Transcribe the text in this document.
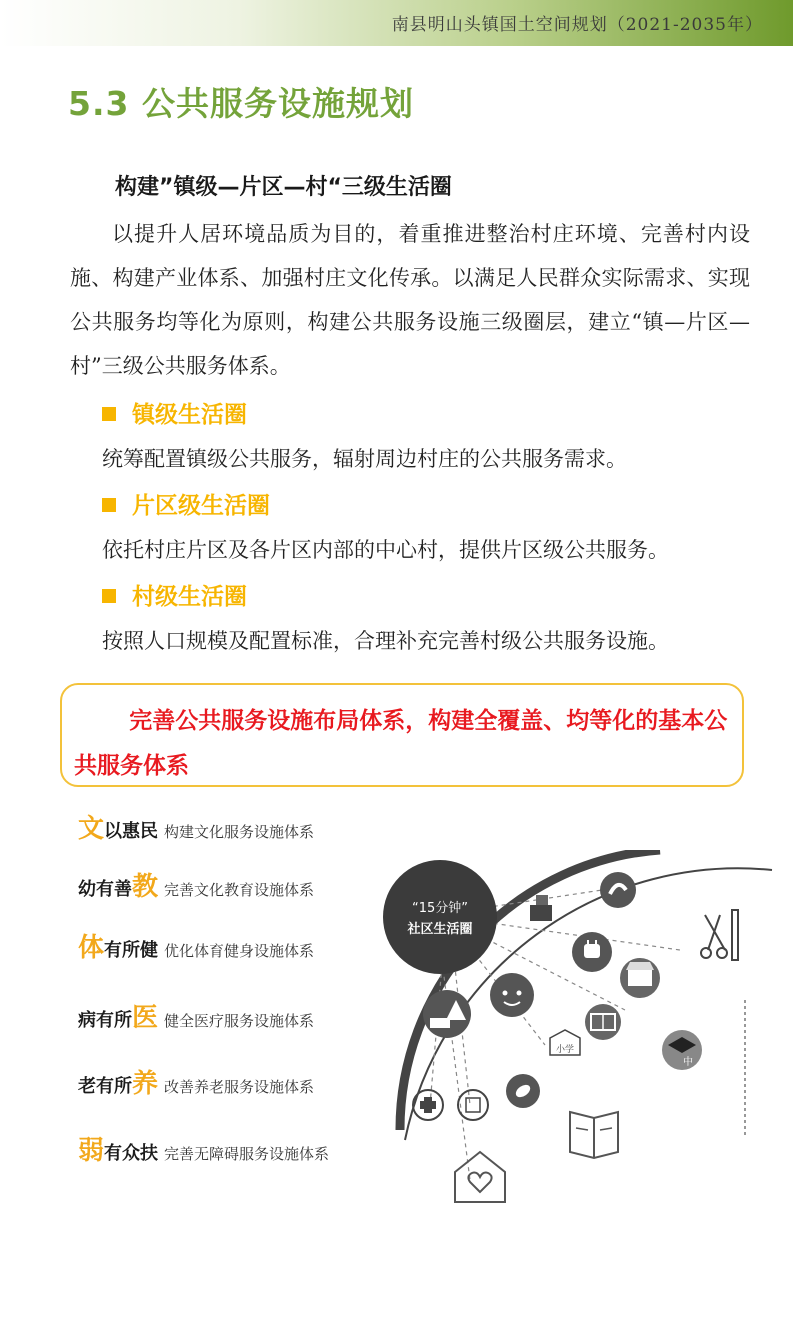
南县明山头镇国土空间规划（2021-2035年）
5.3 公共服务设施规划
构建”镇级—片区—村“三级生活圈
以提升人居环境品质为目的，着重推进整治村庄环境、完善村内设施、构建产业体系、加强村庄文化传承。以满足人民群众实际需求、实现公共服务均等化为原则，构建公共服务设施三级圈层，建立“镇—片区—村”三级公共服务体系。
镇级生活圈
统筹配置镇级公共服务，辐射周边村庄的公共服务需求。
片区级生活圈
依托村庄片区及各片区内部的中心村，提供片区级公共服务。
村级生活圈
按照人口规模及配置标准，合理补充完善村级公共服务设施。
完善公共服务设施布局体系，构建全覆盖、均等化的基本公共服务体系
文以惠民 构建文化服务设施体系
幼有善教 完善文化教育设施体系
体有所健 优化体育健身设施体系
病有所医 健全医疗服务设施体系
老有所养 改善养老服务设施体系
弱有众扶 完善无障碍服务设施体系
“15分钟”
社区生活圈
中
小学
